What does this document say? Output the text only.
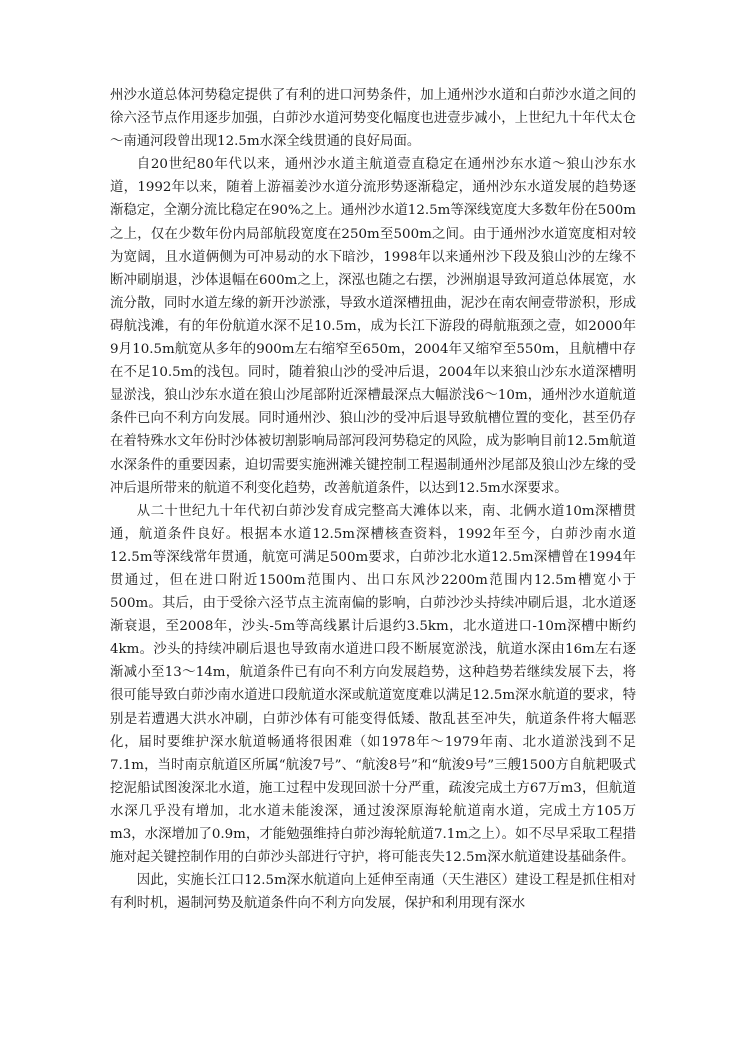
州沙水道总体河势稳定提供了有利的进口河势条件，加上通州沙水道和白茆沙水道之间的徐六泾节点作用逐步加强，白茆沙水道河势变化幅度也进壹步减小，上世纪九十年代太仓～南通河段曾出现12.5m水深全线贯通的良好局面。

自20世纪80年代以来，通州沙水道主航道壹直稳定在通州沙东水道～狼山沙东水道，1992年以来，随着上游福姜沙水道分流形势逐渐稳定，通州沙东水道发展的趋势逐渐稳定，全潮分流比稳定在90%之上。通州沙水道12.5m等深线宽度大多数年份在500m之上，仅在少数年份内局部航段宽度在250m至500m之间。由于通州沙水道宽度相对较为宽阔，且水道俩侧为可冲易动的水下暗沙，1998年以来通州沙下段及狼山沙的左缘不断冲刷崩退，沙体退幅在600m之上，深泓也随之右摆，沙洲崩退导致河道总体展宽，水流分散，同时水道左缘的新开沙淤涨，导致水道深槽扭曲，泥沙在南农闸壹带淤积，形成碍航浅滩，有的年份航道水深不足10.5m，成为长江下游段的碍航瓶颈之壹，如2000年9月10.5m航宽从多年的900m左右缩窄至650m，2004年又缩窄至550m，且航槽中存在不足10.5m的浅包。同时，随着狼山沙的受冲后退，2004年以来狼山沙东水道深槽明显淤浅，狼山沙东水道在狼山沙尾部附近深槽最深点大幅淤浅6～10m，通州沙水道航道条件已向不利方向发展。同时通州沙、狼山沙的受冲后退导致航槽位置的变化，甚至仍存在着特殊水文年份时沙体被切割影响局部河段河势稳定的风险，成为影响目前12.5m航道水深条件的重要因素，迫切需要实施洲滩关键控制工程遏制通州沙尾部及狼山沙左缘的受冲后退所带来的航道不利变化趋势，改善航道条件，以达到12.5m水深要求。

从二十世纪九十年代初白茆沙发育成完整高大滩体以来，南、北俩水道10m深槽贯通，航道条件良好。根据本水道12.5m深槽核查资料，1992年至今，白茆沙南水道12.5m等深线常年贯通，航宽可满足500m要求，白茆沙北水道12.5m深槽曾在1994年贯通过，但在进口附近1500m范围内、出口东风沙2200m范围内12.5m槽宽小于500m。其后，由于受徐六泾节点主流南偏的影响，白茆沙沙头持续冲刷后退，北水道逐渐衰退，至2008年，沙头-5m等高线累计后退约3.5km，北水道进口-10m深槽中断约4km。沙头的持续冲刷后退也导致南水道进口段不断展宽淤浅，航道水深由16m左右逐渐减小至13～14m，航道条件已有向不利方向发展趋势，这种趋势若继续发展下去，将很可能导致白茆沙南水道进口段航道水深或航道宽度难以满足12.5m深水航道的要求，特别是若遭遇大洪水冲刷，白茆沙体有可能变得低矮、散乱甚至冲失，航道条件将大幅恶化，届时要维护深水航道畅通将很困难（如1978年～1979年南、北水道淤浅到不足7.1m，当时南京航道区所属“航浚7号”、“航浚8号”和“航浚9号”三艘1500方自航耙吸式挖泥船试图浚深北水道，施工过程中发现回淤十分严重，疏浚完成土方67万m3，但航道水深几乎没有增加，北水道未能浚深，通过浚深原海轮航道南水道，完成土方105万m3，水深增加了0.9m，才能勉强维持白茆沙海轮航道7.1m之上）。如不尽早采取工程措施对起关键控制作用的白茆沙头部进行守护，将可能丧失12.5m深水航道建设基础条件。

因此，实施长江口12.5m深水航道向上延伸至南通（天生港区）建设工程是抓住相对有利时机，遏制河势及航道条件向不利方向发展，保护和利用现有深水
